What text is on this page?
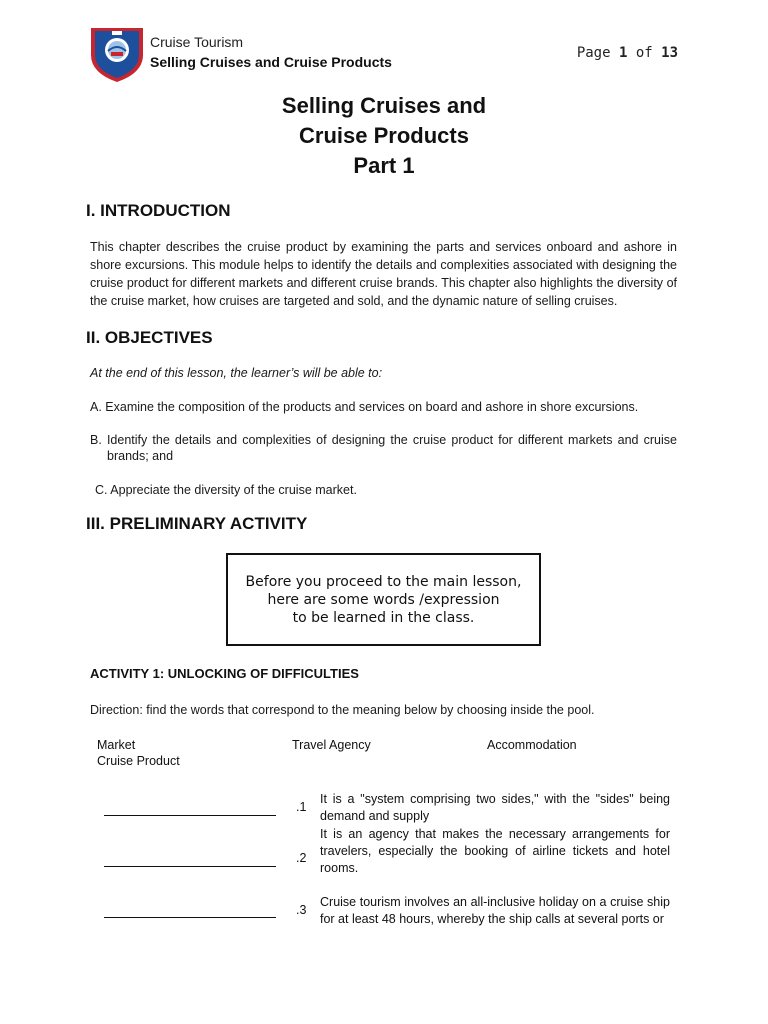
Cruise Tourism
Selling Cruises and Cruise Products
Page 1 of 13
Selling Cruises and
Cruise Products
Part 1
I. INTRODUCTION
This chapter describes the cruise product by examining the parts and services onboard and ashore in shore excursions. This module helps to identify the details and complexities associated with designing the cruise product for different markets and different cruise brands. This chapter also highlights the diversity of the cruise market, how cruises are targeted and sold, and the dynamic nature of selling cruises.
II. OBJECTIVES
At the end of this lesson, the learner’s will be able to:
A. Examine the composition of the products and services on board and ashore in shore excursions.
B. Identify the details and complexities of designing the cruise product for different markets and cruise
brands; and
C. Appreciate the diversity of the cruise market.
III. PRELIMINARY ACTIVITY
Before you proceed to the main lesson,
here are some words /expression
to be learned in the class.
ACTIVITY 1: UNLOCKING OF DIFFICULTIES
Direction: find the words that correspond to the meaning below by choosing inside the pool.
Market	Travel Agency	Accommodation
Cruise Product
.1
It is a "system comprising two sides," with the "sides" being
demand and supply
.2
It is an agency that makes the necessary arrangements for
travelers, especially the booking of airline tickets and hotel
rooms.
.3
Cruise tourism involves an all-inclusive holiday on a cruise ship
for at least 48 hours, whereby the ship calls at several ports or
